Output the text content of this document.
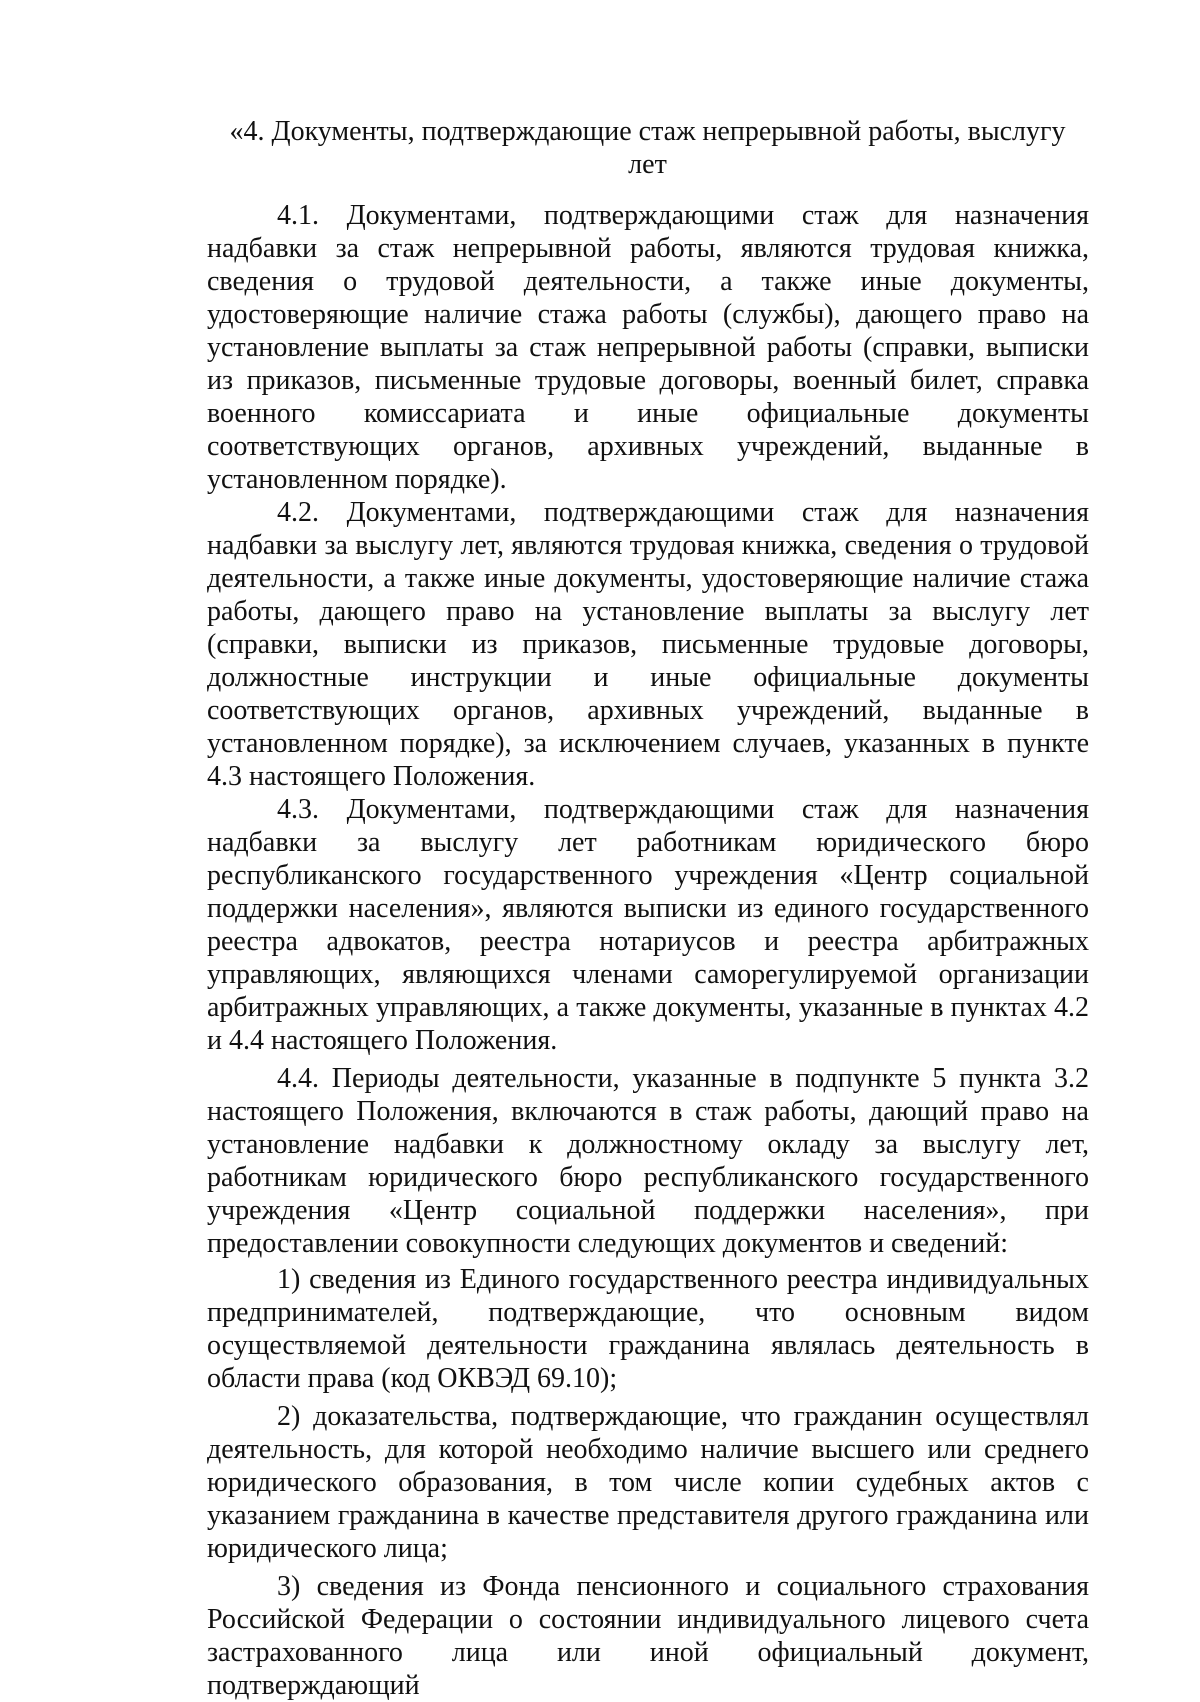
«4. Документы, подтверждающие стаж непрерывной работы, выслугу
лет

4.1. Документами, подтверждающими стаж для назначения надбавки за стаж непрерывной работы, являются трудовая книжка, сведения о трудовой деятельности, а также иные документы, удостоверяющие наличие стажа работы (службы), дающего право на установление выплаты за стаж непрерывной работы (справки, выписки из приказов, письменные трудовые договоры, военный билет, справка военного комиссариата и иные официальные документы соответствующих органов, архивных учреждений, выданные в установленном порядке).

4.2. Документами, подтверждающими стаж для назначения надбавки за выслугу лет, являются трудовая книжка, сведения о трудовой деятельности, а также иные документы, удостоверяющие наличие стажа работы, дающего право на установление выплаты за выслугу лет (справки, выписки из приказов, письменные трудовые договоры, должностные инструкции и иные официальные документы соответствующих органов, архивных учреждений, выданные в установленном порядке), за исключением случаев, указанных в пункте 4.3 настоящего Положения.

4.3. Документами, подтверждающими стаж для назначения надбавки за выслугу лет работникам юридического бюро республиканского государственного учреждения «Центр социальной поддержки населения», являются выписки из единого государственного реестра адвокатов, реестра нотариусов и реестра арбитражных управляющих, являющихся членами саморегулируемой организации арбитражных управляющих, а также документы, указанные в пунктах 4.2 и 4.4 настоящего Положения.

4.4. Периоды деятельности, указанные в подпункте 5 пункта 3.2 настоящего Положения, включаются в стаж работы, дающий право на установление надбавки к должностному окладу за выслугу лет, работникам юридического бюро республиканского государственного учреждения «Центр социальной поддержки населения», при предоставлении совокупности следующих документов и сведений:

1) сведения из Единого государственного реестра индивидуальных предпринимателей, подтверждающие, что основным видом осуществляемой деятельности гражданина являлась деятельность в области права (код ОКВЭД 69.10);

2) доказательства, подтверждающие, что гражданин осуществлял деятельность, для которой необходимо наличие высшего или среднего юридического образования, в том числе копии судебных актов с указанием гражданина в качестве представителя другого гражданина или юридического лица;

3) сведения из Фонда пенсионного и социального страхования Российской Федерации о состоянии индивидуального лицевого счета застрахованного лица или иной официальный документ, подтверждающий
